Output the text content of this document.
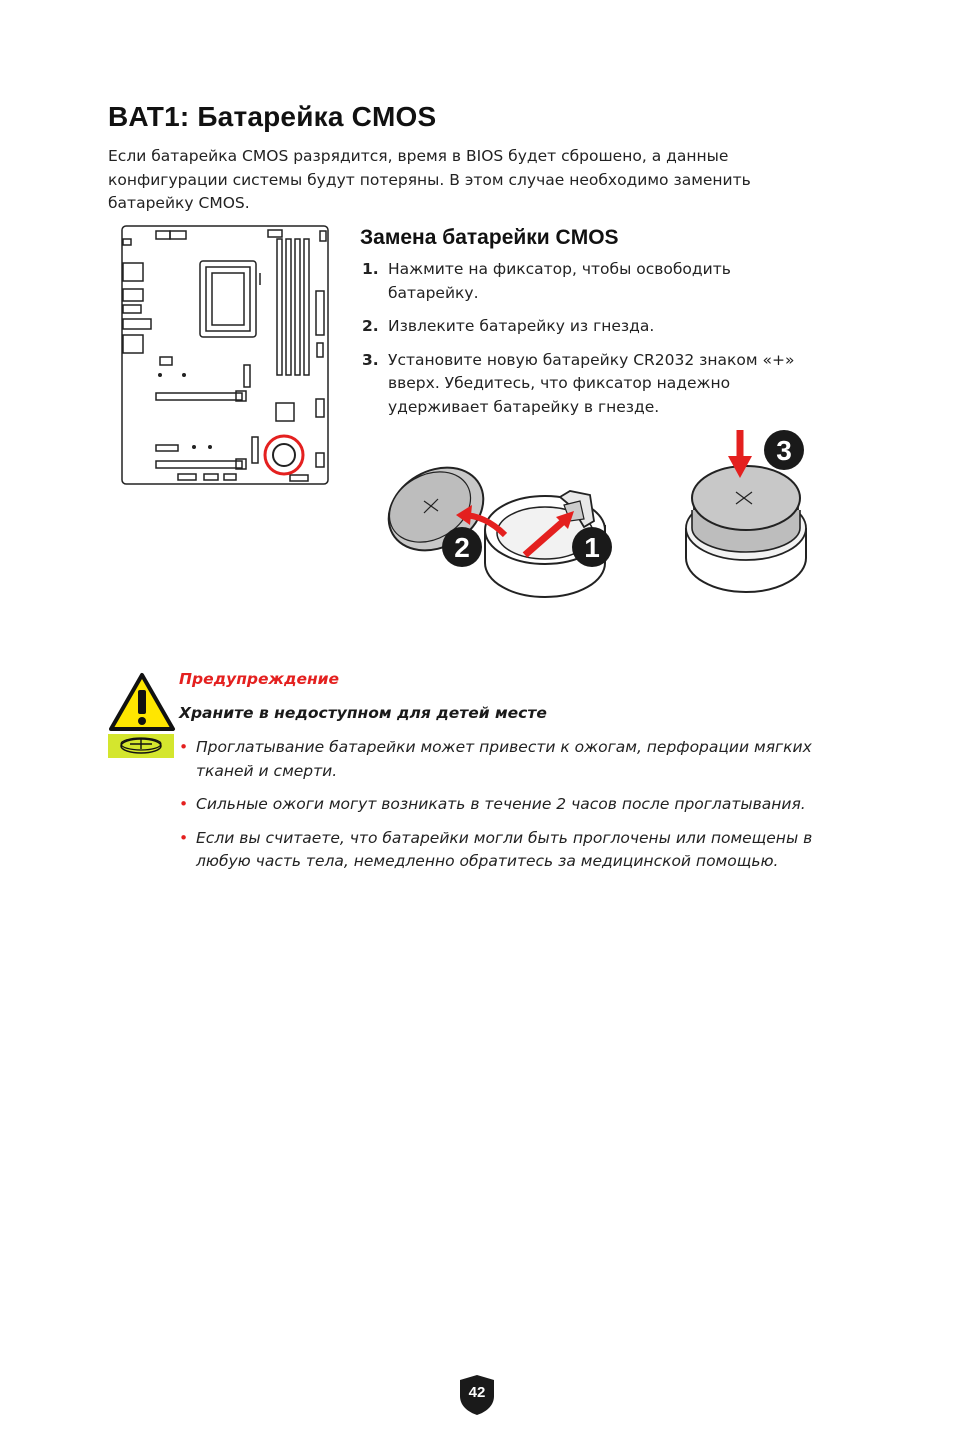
BAT1: Батарейка CMOS

Если батарейка CMOS разрядится, время в BIOS будет сброшено, а данные конфигурации системы будут потеряны. В этом случае необходимо заменить батарейку CMOS.

Замена батарейки CMOS
1. Нажмите на фиксатор, чтобы освободить батарейку.
2. Извлеките батарейку из гнезда.
3. Установите новую батарейку CR2032 знаком «+» вверх. Убедитесь, что фиксатор надежно удерживает батарейку в гнезде.
2	1
3
Предупреждение
Храните в недоступном для детей месте
• Проглатывание батарейки может привести к ожогам, перфорации мягких тканей и смерти.
• Сильные ожоги могут возникать в течение 2 часов после проглатывания.
• Если вы считаете, что батарейки могли быть проглочены или помещены в любую часть тела, немедленно обратитесь за медицинской помощью.
42
